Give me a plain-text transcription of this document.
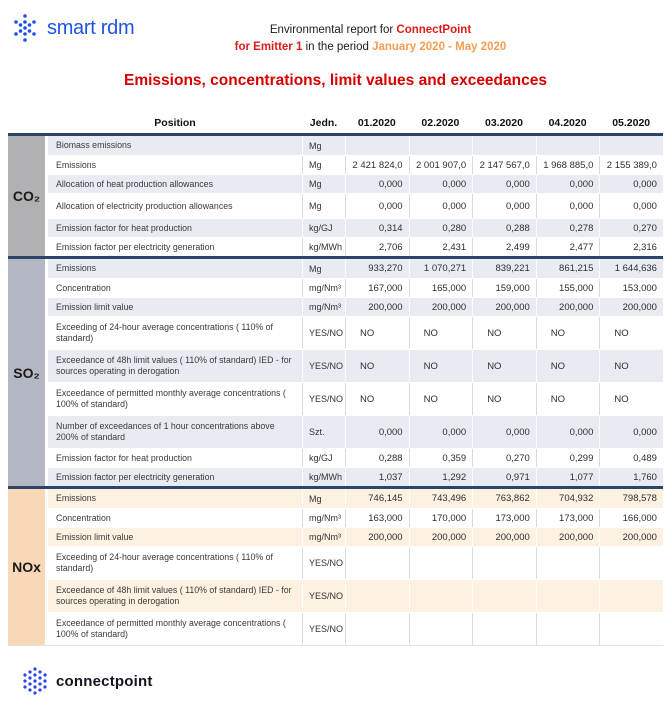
smart rdm	Environmental report for ConnectPoint
for Emitter 1 in the period January 2020 - May 2020
Emissions, concentrations, limit values and exceedances
Position	Jedn.	01.2020	02.2020	03.2020	04.2020	05.2020
CO₂
Biomass emissions	Mg
Emissions	Mg	2 421 824,0	2 001 907,0	2 147 567,0	1 968 885,0	2 155 389,0
Allocation of heat production allowances	Mg	0,000	0,000	0,000	0,000	0,000
Allocation of electricity production allowances	Mg	0,000	0,000	0,000	0,000	0,000
Emission factor for heat production	kg/GJ	0,314	0,280	0,288	0,278	0,270
Emission factor per electricity generation	kg/MWh	2,706	2,431	2,499	2,477	2,316
SO₂
Emissions	Mg	933,270	1 070,271	839,221	861,215	1 644,636
Concentration	mg/Nm³	167,000	165,000	159,000	155,000	153,000
Emission limit value	mg/Nm³	200,000	200,000	200,000	200,000	200,000
Exceeding of 24-hour average concentrations ( 110% of standard)	YES/NO	NO	NO	NO	NO	NO
Exceedance of 48h limit values ( 110% of standard) IED - for sources operating in derogation	YES/NO	NO	NO	NO	NO	NO
Exceedance of permitted monthly average concentrations ( 100% of standard)	YES/NO	NO	NO	NO	NO	NO
Number of exceedances of 1 hour concentrations above 200% of standard	Szt.	0,000	0,000	0,000	0,000	0,000
Emission factor for heat production	kg/GJ	0,288	0,359	0,270	0,299	0,489
Emission factor per electricity generation	kg/MWh	1,037	1,292	0,971	1,077	1,760
NOx
Emissions	Mg	746,145	743,496	763,862	704,932	798,578
Concentration	mg/Nm³	163,000	170,000	173,000	173,000	166,000
Emission limit value	mg/Nm³	200,000	200,000	200,000	200,000	200,000
Exceeding of 24-hour average concentrations ( 110% of standard)	YES/NO
Exceedance of 48h limit values ( 110% of standard) IED - for sources operating in derogation	YES/NO
Exceedance of permitted monthly average concentrations ( 100% of standard)	YES/NO
connectpoint
